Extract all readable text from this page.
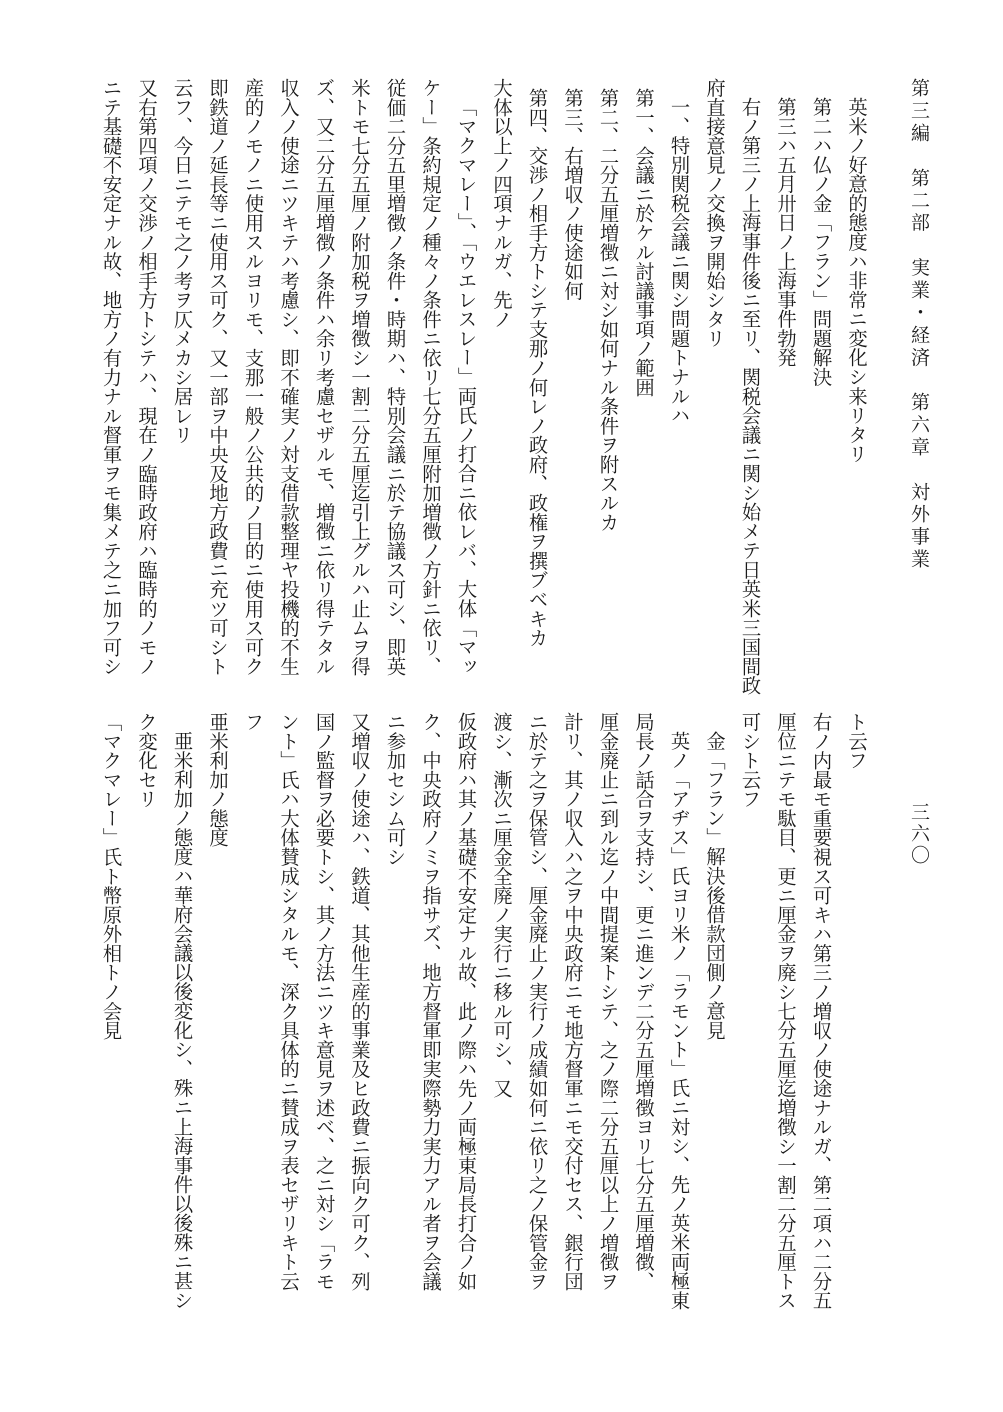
第三編　第二部　実業・経済　第六章　対外事業
三六〇

英米ノ好意的態度ハ非常ニ変化シ来リタリ

第二ハ仏ノ金「フラン」問題解決

第三ハ五月卅日ノ上海事件勃発

右ノ第三ノ上海事件後ニ至リ、関税会議ニ関シ始メテ日英米三国間政

府直接意見ノ交換ヲ開始シタリ

一、特別関税会議ニ関シ問題トナルハ

第一、会議ニ於ケル討議事項ノ範囲

第二、二分五厘増徴ニ対シ如何ナル条件ヲ附スルカ

第三、右増収ノ使途如何

第四、交渉ノ相手方トシテ支那ノ何レノ政府、政権ヲ撰ブベキカ

大体以上ノ四項ナルガ、先ノ

「マクマレー」、「ウエレスレー」両氏ノ打合ニ依レバ、大体「マッ

ケー」条約規定ノ種々ノ条件ニ依リ七分五厘附加増徴ノ方針ニ依リ、

従価二分五里増徴ノ条件・時期ハ、特別会議ニ於テ協議ス可シ、即英

米トモ七分五厘ノ附加税ヲ増徴シ一割二分五厘迄引上グルハ止ムヲ得

ズ、又二分五厘増徴ノ条件ハ余リ考慮セザルモ、増徴ニ依リ得テタル

収入ノ使途ニツキテハ考慮シ、即不確実ノ対支借款整理ヤ投機的不生

産的ノモノニ使用スルヨリモ、支那一般ノ公共的ノ目的ニ使用ス可ク

即鉄道ノ延長等ニ使用ス可ク、又一部ヲ中央及地方政費ニ充ツ可シト

云フ、今日ニテモ之ノ考ヲ仄メカシ居レリ

又右第四項ノ交渉ノ相手方トシテハ、現在ノ臨時政府ハ臨時的ノモノ

ニテ基礎不安定ナル故、地方ノ有力ナル督軍ヲモ集メテ之ニ加フ可シ

ト云フ

右ノ内最モ重要視ス可キハ第三ノ増収ノ使途ナルガ、第二項ハ二分五

厘位ニテモ駄目、更ニ厘金ヲ廃シ七分五厘迄増徴シ一割二分五厘トス

可シト云フ

金「フラン」解決後借款団側ノ意見

英ノ「アヂス」氏ヨリ米ノ「ラモント」氏ニ対シ、先ノ英米両極東

局長ノ話合ヲ支持シ、更ニ進ンデ二分五厘増徴ヨリ七分五厘増徴、

厘金廃止ニ到ル迄ノ中間提案トシテ、之ノ際二分五厘以上ノ増徴ヲ

計リ、其ノ収入ハ之ヲ中央政府ニモ地方督軍ニモ交付セス、銀行団

ニ於テ之ヲ保管シ、厘金廃止ノ実行ノ成績如何ニ依リ之ノ保管金ヲ

渡シ、漸次ニ厘金全廃ノ実行ニ移ル可シ、又

仮政府ハ其ノ基礎不安定ナル故、此ノ際ハ先ノ両極東局長打合ノ如

ク、中央政府ノミヲ指サズ、地方督軍即実際勢力実力アル者ヲ会議

ニ参加セシム可シ

又増収ノ使途ハ、鉄道、其他生産的事業及ヒ政費ニ振向ク可ク、列

国ノ監督ヲ必要トシ、其ノ方法ニツキ意見ヲ述ベ、之ニ対シ「ラモ

ント」氏ハ大体賛成シタルモ、深ク具体的ニ賛成ヲ表セザリキト云

フ

亜米利加ノ態度

亜米利加ノ態度ハ華府会議以後変化シ、殊ニ上海事件以後殊ニ甚シ

ク変化セリ

「マクマレー」氏ト幣原外相トノ会見
